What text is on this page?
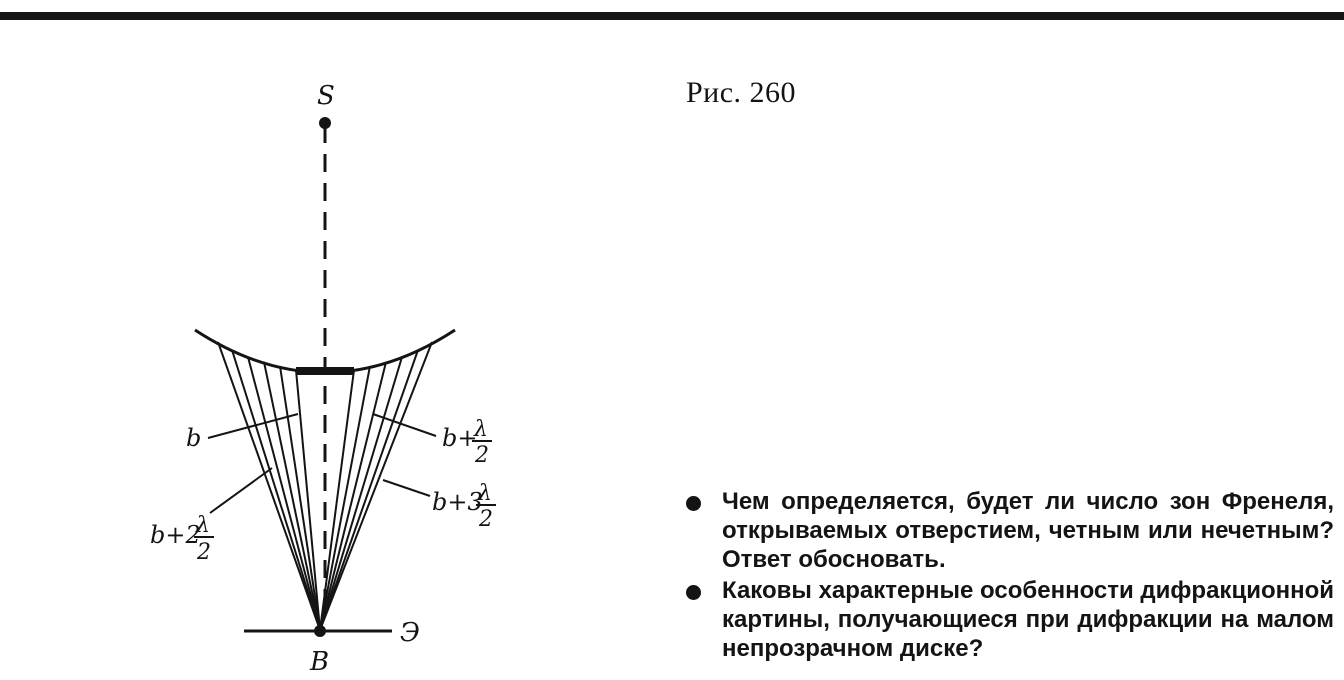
S
B
Э
b	b+
λ
2
b+3
λ
2
b+2
λ
2
Рис. 260
Чем определяется, будет ли число зон Френеля, открываемых отверстием, четным или нечетным? Ответ обосновать.
Каковы характерные особенности дифракционной картины, получающиеся при дифракции на малом непрозрачном диске?
